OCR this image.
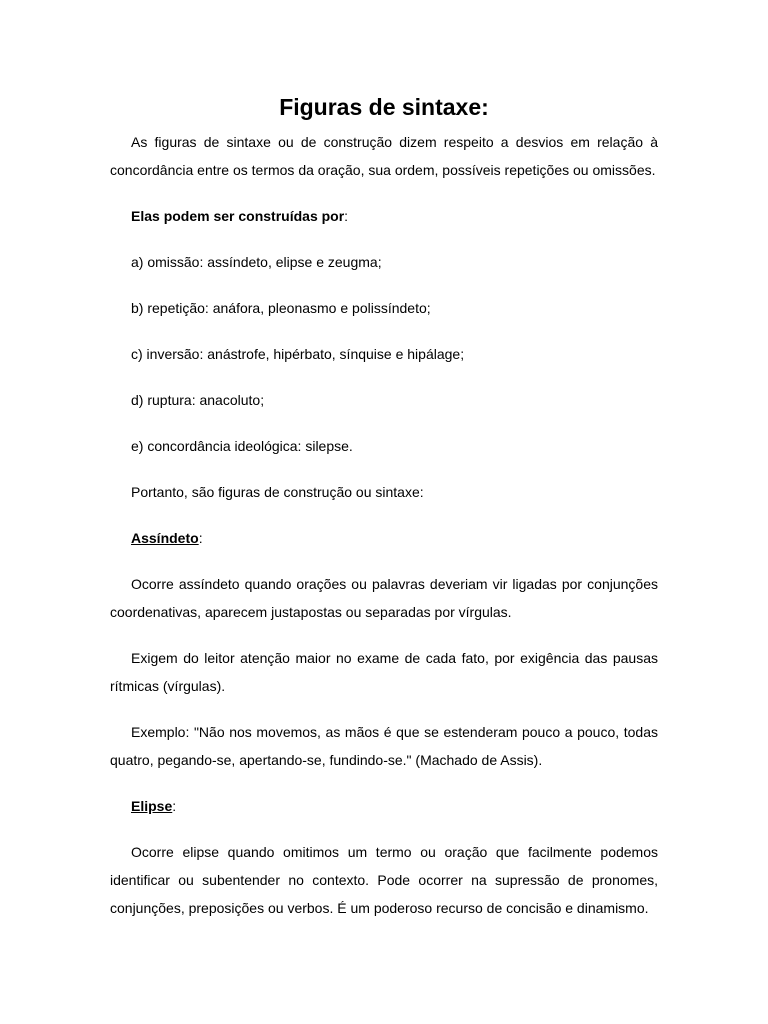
Figuras de sintaxe:

As figuras de sintaxe ou de construção dizem respeito a desvios em relação à concordância entre os termos da oração, sua ordem, possíveis repetições ou omissões.

Elas podem ser construídas por:

a) omissão: assíndeto, elipse e zeugma;

b) repetição: anáfora, pleonasmo e polissíndeto;

c) inversão: anástrofe, hipérbato, sínquise e hipálage;

d) ruptura: anacoluto;

e) concordância ideológica: silepse.

Portanto, são figuras de construção ou sintaxe:

Assíndeto:

Ocorre assíndeto quando orações ou palavras deveriam vir ligadas por conjunções coordenativas, aparecem justapostas ou separadas por vírgulas.

Exigem do leitor atenção maior no exame de cada fato, por exigência das pausas rítmicas (vírgulas).

Exemplo: "Não nos movemos, as mãos é que se estenderam pouco a pouco, todas quatro, pegando-se, apertando-se, fundindo-se." (Machado de Assis).

Elipse:

Ocorre elipse quando omitimos um termo ou oração que facilmente podemos identificar ou subentender no contexto. Pode ocorrer na supressão de pronomes, conjunções, preposições ou verbos. É um poderoso recurso de concisão e dinamismo.
